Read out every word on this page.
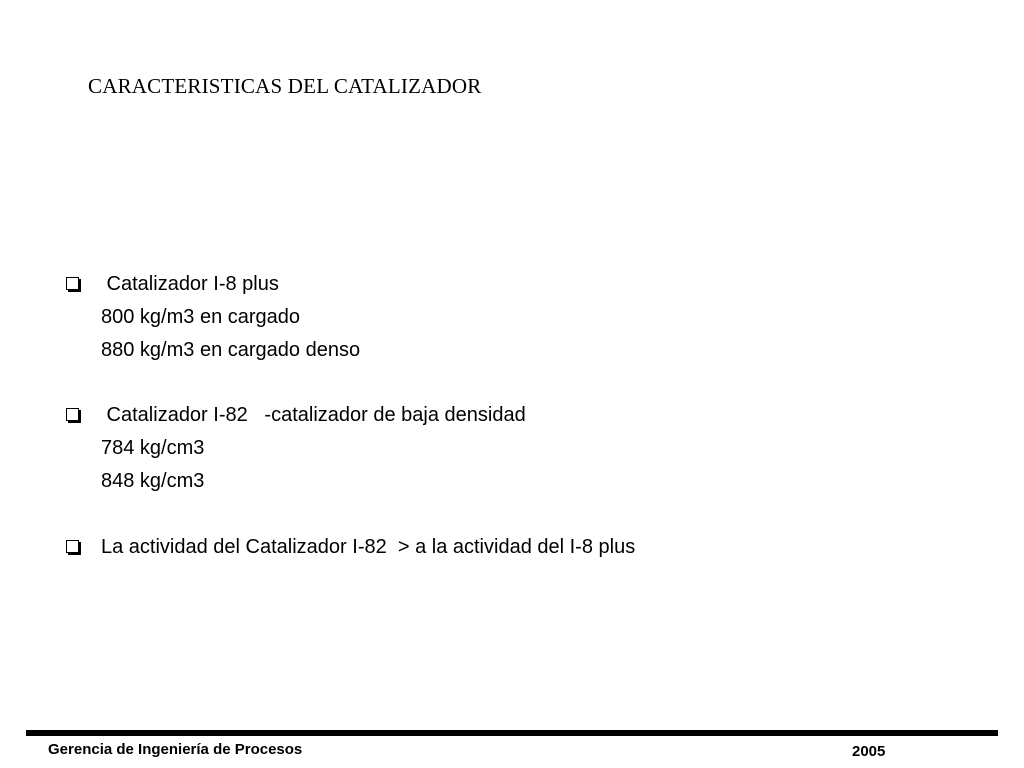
CARACTERISTICAS DEL CATALIZADOR
Catalizador I-8 plus
800 kg/m3 en cargado
880 kg/m3 en cargado denso
Catalizador I-82   -catalizador de baja densidad
784 kg/cm3
848 kg/cm3
La actividad del Catalizador I-82  > a la actividad del I-8 plus
Gerencia de Ingeniería de Procesos	2005
